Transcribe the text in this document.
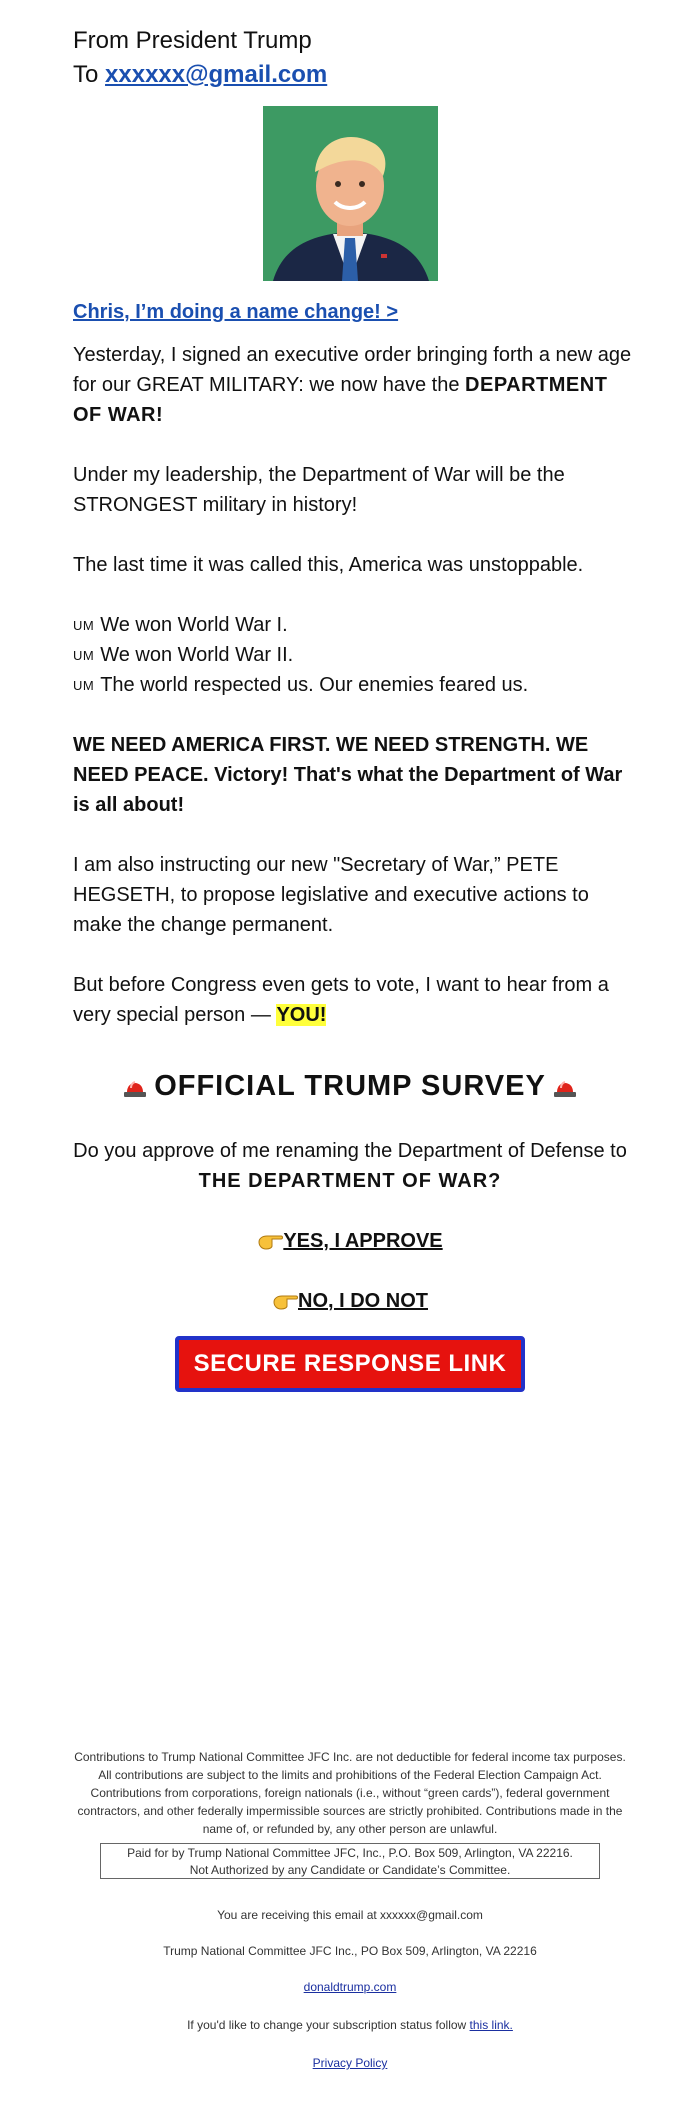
From President Trump
To xxxxxx@gmail.com
Chris, I’m doing a name change! >

Yesterday, I signed an executive order bringing forth a new age for our GREAT MILITARY: we now have the DEPARTMENT OF WAR!

Under my leadership, the Department of War will be the STRONGEST military in history!

The last time it was called this, America was unstoppable.

UM We won World War I.

UM We won World War II.

UM The world respected us. Our enemies feared us.

WE NEED AMERICA FIRST. WE NEED STRENGTH. WE NEED PEACE. Victory! That's what the Department of War is all about!

I am also instructing our new "Secretary of War,” PETE HEGSETH, to propose legislative and executive actions to make the change permanent.

But before Congress even gets to vote, I want to hear from a very special person — YOU!

OFFICIAL TRUMP SURVEY
Do you approve of me renaming the Department of Defense to
THE DEPARTMENT OF WAR?
YES, I APPROVE
NO, I DO NOT
SECURE RESPONSE LINK
Contributions to Trump National Committee JFC Inc. are not deductible for federal income tax purposes. All contributions are subject to the limits and prohibitions of the Federal Election Campaign Act. Contributions from corporations, foreign nationals (i.e., without “green cards”), federal government contractors, and other federally impermissible sources are strictly prohibited. Contributions made in the name of, or refunded by, any other person are unlawful.
Paid for by Trump National Committee JFC, Inc., P.O. Box 509, Arlington, VA 22216.
Not Authorized by any Candidate or Candidate’s Committee.
You are receiving this email at xxxxxx@gmail.com
Trump National Committee JFC Inc., PO Box 509, Arlington, VA 22216
donaldtrump.com
If you'd like to change your subscription status follow this link.
Privacy Policy
